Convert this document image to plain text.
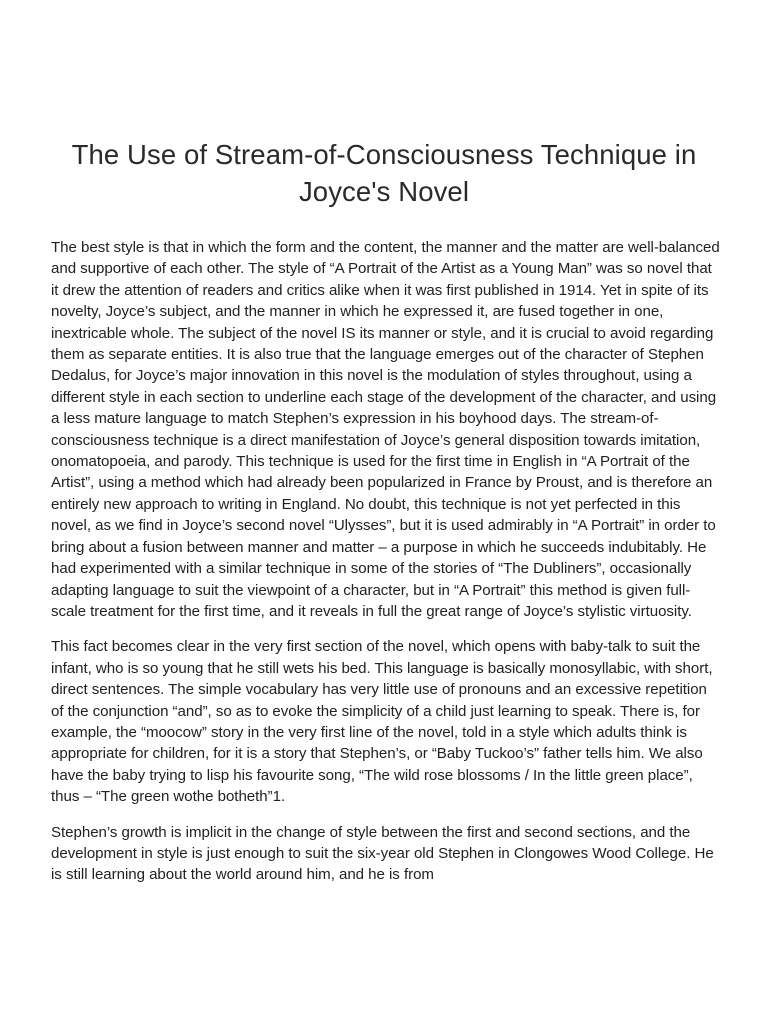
The Use of Stream-of-Consciousness Technique in Joyce's Novel

The best style is that in which the form and the content, the manner and the matter are well-balanced and supportive of each other. The style of “A Portrait of the Artist as a Young Man” was so novel that it drew the attention of readers and critics alike when it was first published in 1914. Yet in spite of its novelty, Joyce’s subject, and the manner in which he expressed it, are fused together in one, inextricable whole. The subject of the novel IS its manner or style, and it is crucial to avoid regarding them as separate entities. It is also true that the language emerges out of the character of Stephen Dedalus, for Joyce’s major innovation in this novel is the modulation of styles throughout, using a different style in each section to underline each stage of the development of the character, and using a less mature language to match Stephen’s expression in his boyhood days. The stream-of-consciousness technique is a direct manifestation of Joyce’s general disposition towards imitation, onomatopoeia, and parody. This technique is used for the first time in English in “A Portrait of the Artist”, using a method which had already been popularized in France by Proust, and is therefore an entirely new approach to writing in England. No doubt, this technique is not yet perfected in this novel, as we find in Joyce’s second novel “Ulysses”, but it is used admirably in “A Portrait” in order to bring about a fusion between manner and matter – a purpose in which he succeeds indubitably. He had experimented with a similar technique in some of the stories of “The Dubliners”, occasionally adapting language to suit the viewpoint of a character, but in “A Portrait” this method is given full-scale treatment for the first time, and it reveals in full the great range of Joyce’s stylistic virtuosity.

This fact becomes clear in the very first section of the novel, which opens with baby-talk to suit the infant, who is so young that he still wets his bed. This language is basically monosyllabic, with short, direct sentences. The simple vocabulary has very little use of pronouns and an excessive repetition of the conjunction “and”, so as to evoke the simplicity of a child just learning to speak. There is, for example, the “moocow” story in the very first line of the novel, told in a style which adults think is appropriate for children, for it is a story that Stephen’s, or “Baby Tuckoo’s” father tells him. We also have the baby trying to lisp his favourite song, “The wild rose blossoms / In the little green place”, thus – “The green wothe botheth”1.

Stephen’s growth is implicit in the change of style between the first and second sections, and the development in style is just enough to suit the six-year old Stephen in Clongowes Wood College. He is still learning about the world around him, and he is from
